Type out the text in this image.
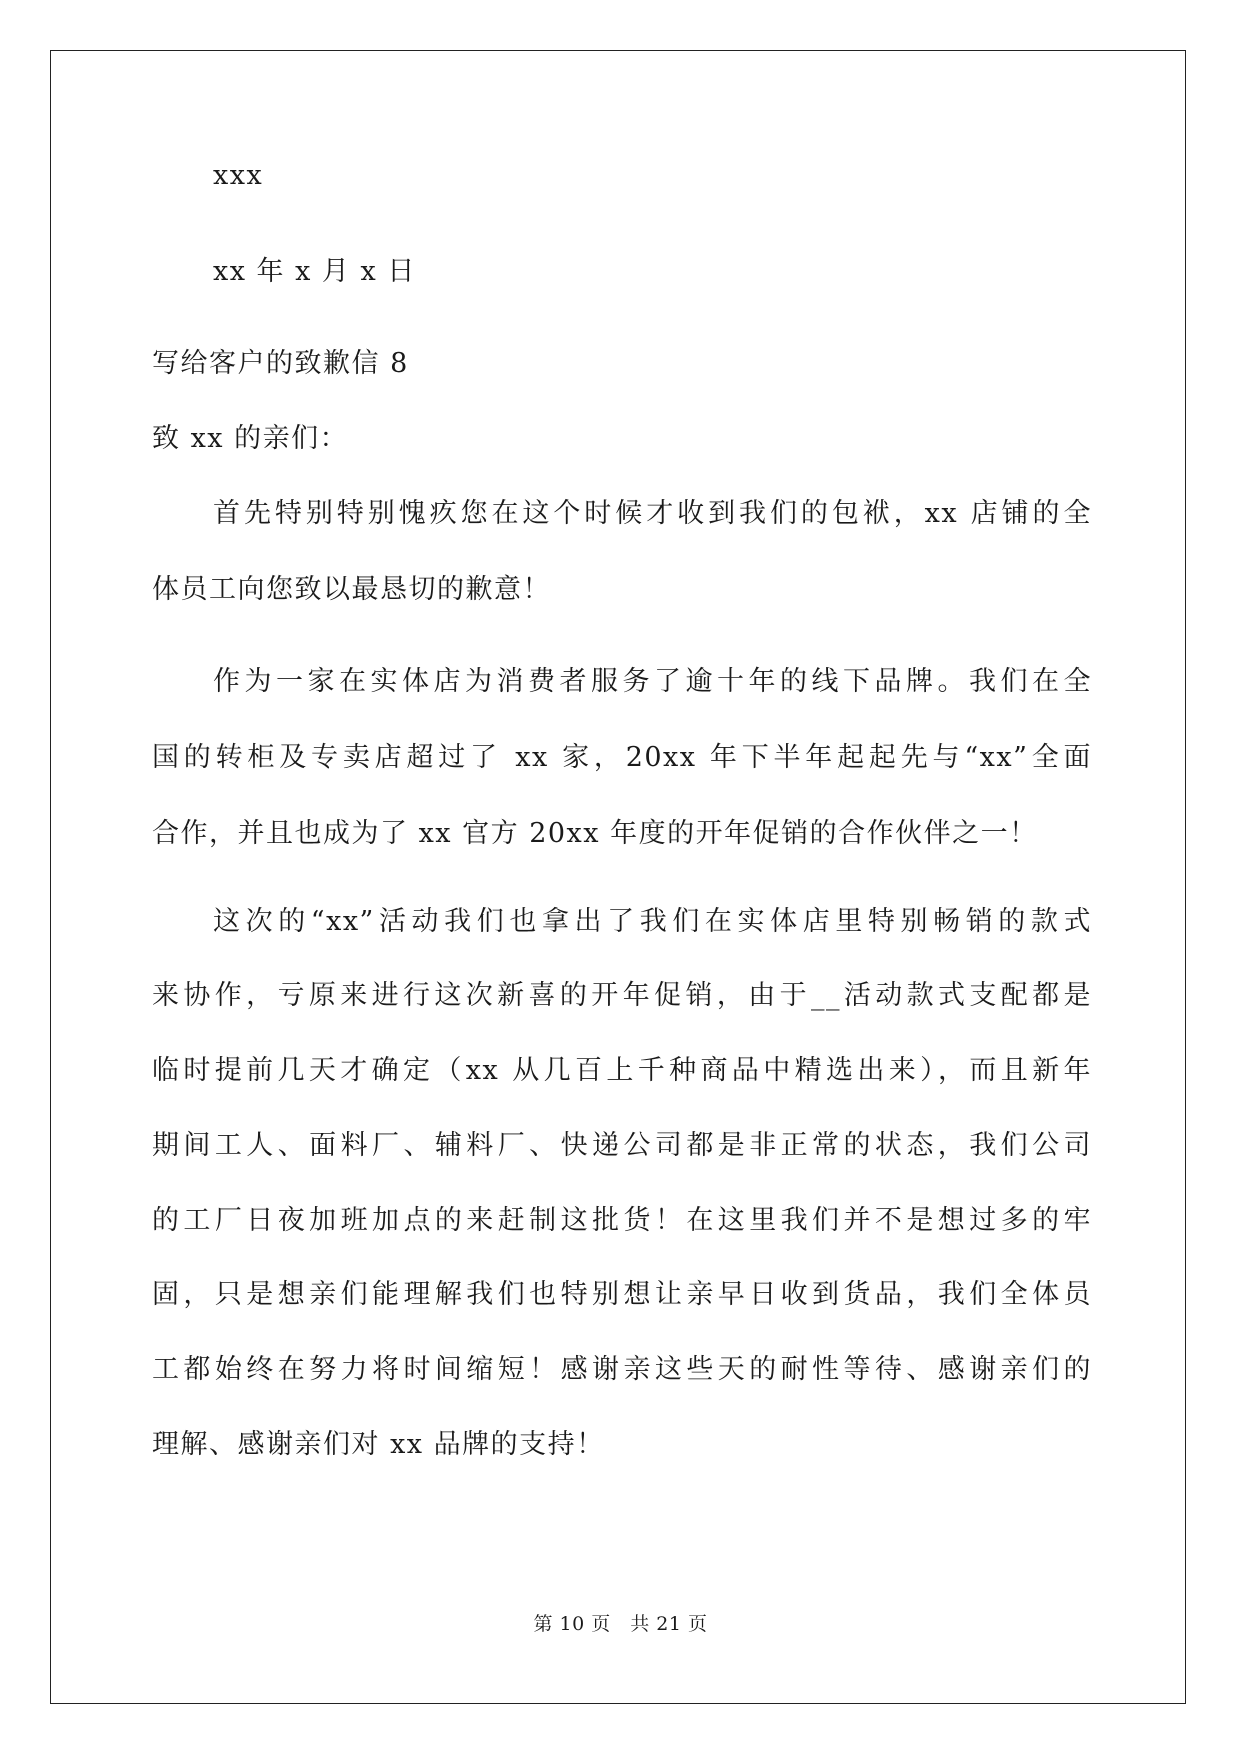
xxx
xx 年 x 月 x 日
写给客户的致歉信 8
致 xx 的亲们：
首先特别特别愧疚您在这个时候才收到我们的包袱，xx 店铺的全
体员工向您致以最恳切的歉意！
作为一家在实体店为消费者服务了逾十年的线下品牌。我们在全
国的转柜及专卖店超过了 xx 家，20xx 年下半年起起先与“xx”全面
合作，并且也成为了 xx 官方 20xx 年度的开年促销的合作伙伴之一！
这次的“xx”活动我们也拿出了我们在实体店里特别畅销的款式
来协作，亏原来进行这次新喜的开年促销，由于__活动款式支配都是
临时提前几天才确定（xx 从几百上千种商品中精选出来），而且新年
期间工人、面料厂、辅料厂、快递公司都是非正常的状态，我们公司
的工厂日夜加班加点的来赶制这批货！在这里我们并不是想过多的牢
固，只是想亲们能理解我们也特别想让亲早日收到货品，我们全体员
工都始终在努力将时间缩短！感谢亲这些天的耐性等待、感谢亲们的
理解、感谢亲们对 xx 品牌的支持！
第 10 页　共 21 页
